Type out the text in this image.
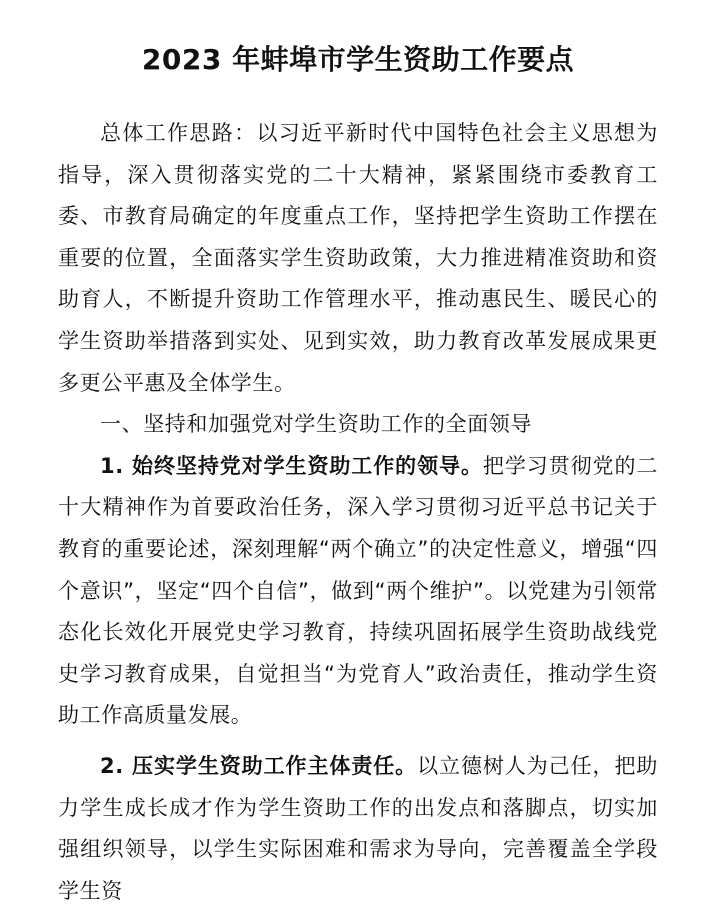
2023 年蚌埠市学生资助工作要点

总体工作思路：以习近平新时代中国特色社会主义思想为指导，深入贯彻落实党的二十大精神，紧紧围绕市委教育工委、市教育局确定的年度重点工作，坚持把学生资助工作摆在重要的位置，全面落实学生资助政策，大力推进精准资助和资助育人，不断提升资助工作管理水平，推动惠民生、暖民心的学生资助举措落到实处、见到实效，助力教育改革发展成果更多更公平惠及全体学生。

一、坚持和加强党对学生资助工作的全面领导

1. 始终坚持党对学生资助工作的领导。把学习贯彻党的二十大精神作为首要政治任务，深入学习贯彻习近平总书记关于教育的重要论述，深刻理解“两个确立”的决定性意义，增强“四个意识”，坚定“四个自信”，做到“两个维护”。以党建为引领常态化长效化开展党史学习教育，持续巩固拓展学生资助战线党史学习教育成果，自觉担当“为党育人”政治责任，推动学生资助工作高质量发展。

2. 压实学生资助工作主体责任。以立德树人为己任，把助力学生成长成才作为学生资助工作的出发点和落脚点，切实加强组织领导，以学生实际困难和需求为导向，完善覆盖全学段学生资
